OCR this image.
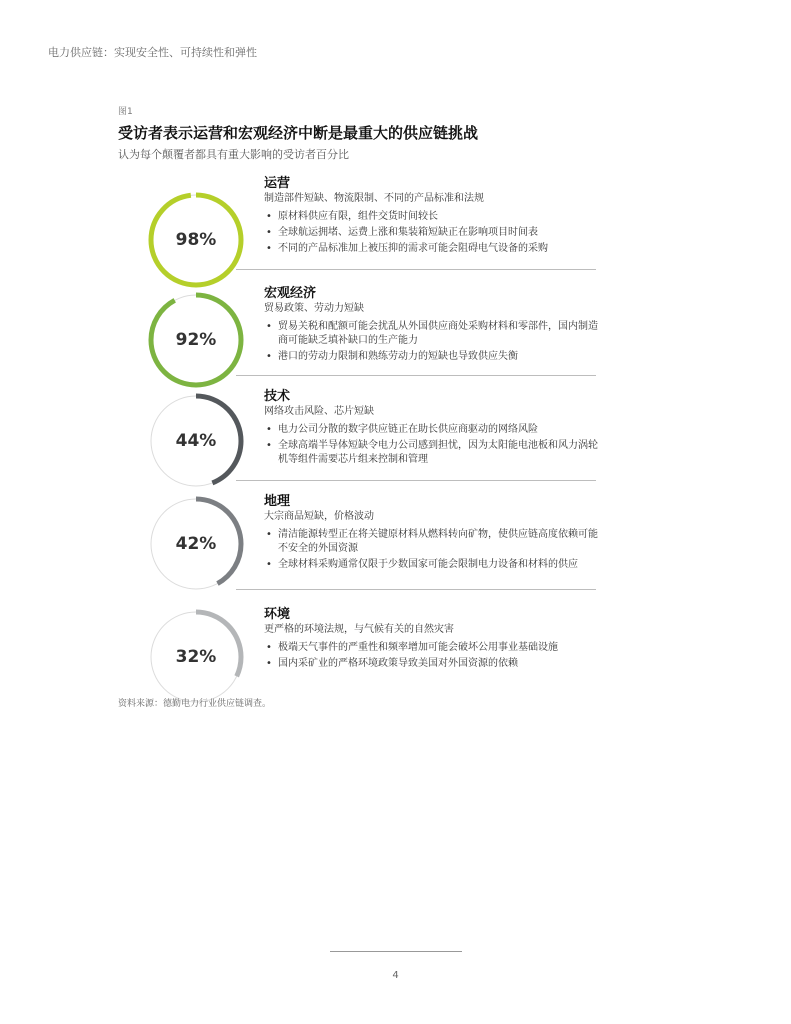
电力供应链：实现安全性、可持续性和弹性
图1
受访者表示运营和宏观经济中断是最重大的供应链挑战
认为每个颠覆者都具有重大影响的受访者百分比
98%
运营
制造部件短缺、物流限制、不同的产品标准和法规
• 原材料供应有限，组件交货时间较长
• 全球航运拥堵、运费上涨和集装箱短缺正在影响项目时间表
• 不同的产品标准加上被压抑的需求可能会阻碍电气设备的采购
92%
宏观经济
贸易政策、劳动力短缺
• 贸易关税和配额可能会扰乱从外国供应商处采购材料和零部件，国内制造商可能缺乏填补缺口的生产能力
• 港口的劳动力限制和熟练劳动力的短缺也导致供应失衡
44%
技术
网络攻击风险、芯片短缺
• 电力公司分散的数字供应链正在助长供应商驱动的网络风险
• 全球高端半导体短缺令电力公司感到担忧，因为太阳能电池板和风力涡轮机等组件需要芯片组来控制和管理
42%
地理
大宗商品短缺，价格波动
• 清洁能源转型正在将关键原材料从燃料转向矿物，使供应链高度依赖可能不安全的外国资源
• 全球材料采购通常仅限于少数国家可能会限制电力设备和材料的供应
32%
环境
更严格的环境法规，与气候有关的自然灾害
• 极端天气事件的严重性和频率增加可能会破坏公用事业基础设施
• 国内采矿业的严格环境政策导致美国对外国资源的依赖
资料来源：德勤电力行业供应链调查。
4
